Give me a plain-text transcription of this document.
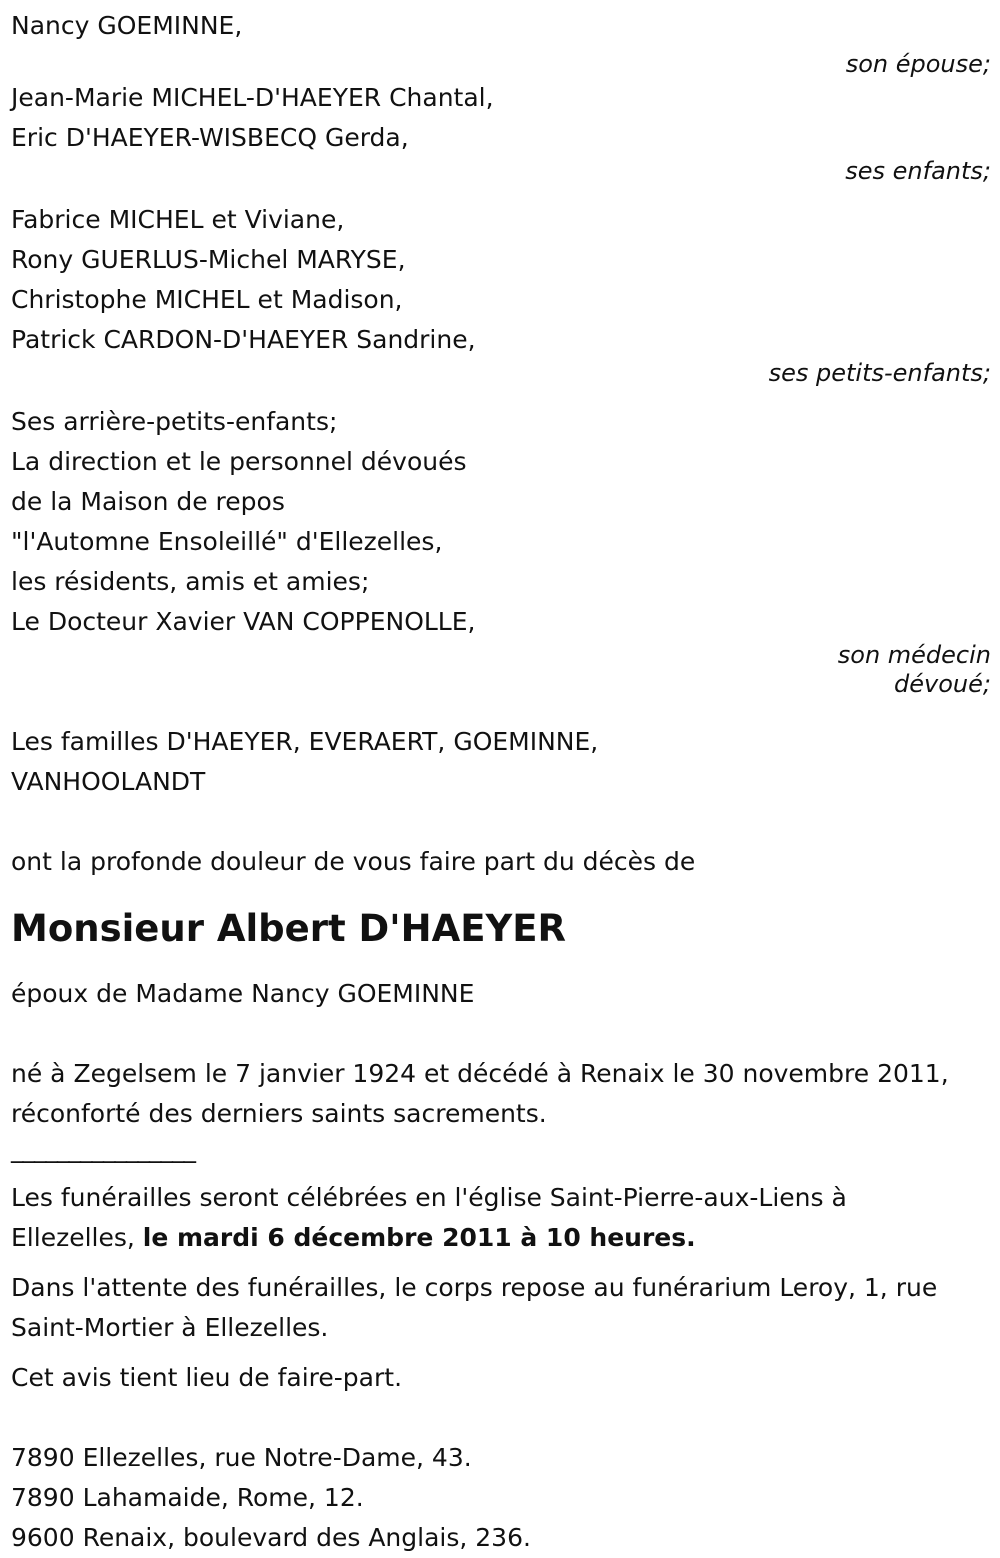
Nancy GOEMINNE,
son épouse;
Jean-Marie MICHEL-D'HAEYER Chantal,
Eric D'HAEYER-WISBECQ Gerda,
ses enfants;
Fabrice MICHEL et Viviane,
Rony GUERLUS-Michel MARYSE,
Christophe MICHEL et Madison,
Patrick CARDON-D'HAEYER Sandrine,
ses petits-enfants;
Ses arrière-petits-enfants;
La direction et le personnel dévoués
de la Maison de repos
"l'Automne Ensoleillé" d'Ellezelles,
les résidents, amis et amies;
Le Docteur Xavier VAN COPPENOLLE,
son médecin
dévoué;
Les familles D'HAEYER, EVERAERT, GOEMINNE,
VANHOOLANDT
ont la profonde douleur de vous faire part du décès de
Monsieur Albert D'HAEYER
époux de Madame Nancy GOEMINNE
né à Zegelsem le 7 janvier 1924 et décédé à Renaix le 30 novembre 2011,
réconforté des derniers saints sacrements.
________________
Les funérailles seront célébrées en l'église Saint-Pierre-aux-Liens à
Ellezelles, le mardi 6 décembre 2011 à 10 heures.
Dans l'attente des funérailles, le corps repose au funérarium Leroy, 1, rue
Saint-Mortier à Ellezelles.
Cet avis tient lieu de faire-part.
7890 Ellezelles, rue Notre-Dame, 43.
7890 Lahamaide, Rome, 12.
9600 Renaix, boulevard des Anglais, 236.
